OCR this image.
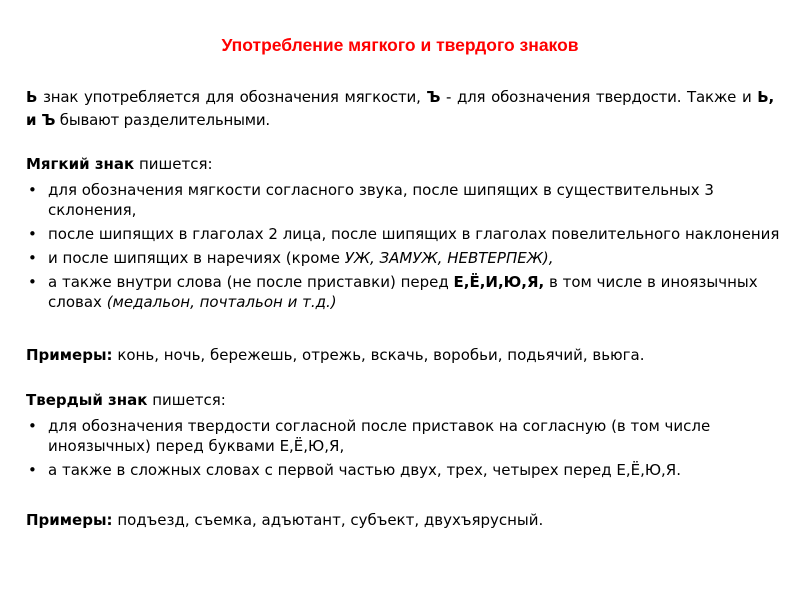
Употребление мягкого и твердого знаков
Ь знак употребляется для обозначения мягкости, Ъ - для обозначения твердости. Также и Ь, и Ъ бывают разделительными.
Мягкий знак пишется:
• для обозначения мягкости согласного звука, после шипящих в существительных 3 склонения,
• после шипящих в глаголах 2 лица, после шипящих в глаголах повелительного наклонения
• и после шипящих в наречиях (кроме УЖ, ЗАМУЖ, НЕВТЕРПЕЖ),
• а также внутри слова (не после приставки) перед Е,Ё,И,Ю,Я, в том числе в иноязычных словах (медальон, почтальон и т.д.)
Примеры: конь, ночь, бережешь, отрежь, вскачь, воробьи, подьячий, вьюга.
Твердый знак пишется:
• для обозначения твердости согласной после приставок на согласную (в том числе иноязычных) перед буквами Е,Ё,Ю,Я,
• а также в сложных словах с первой частью двух, трех, четырех перед Е,Ё,Ю,Я.
Примеры: подъезд, съемка, адъютант, субъект, двухъярусный.
